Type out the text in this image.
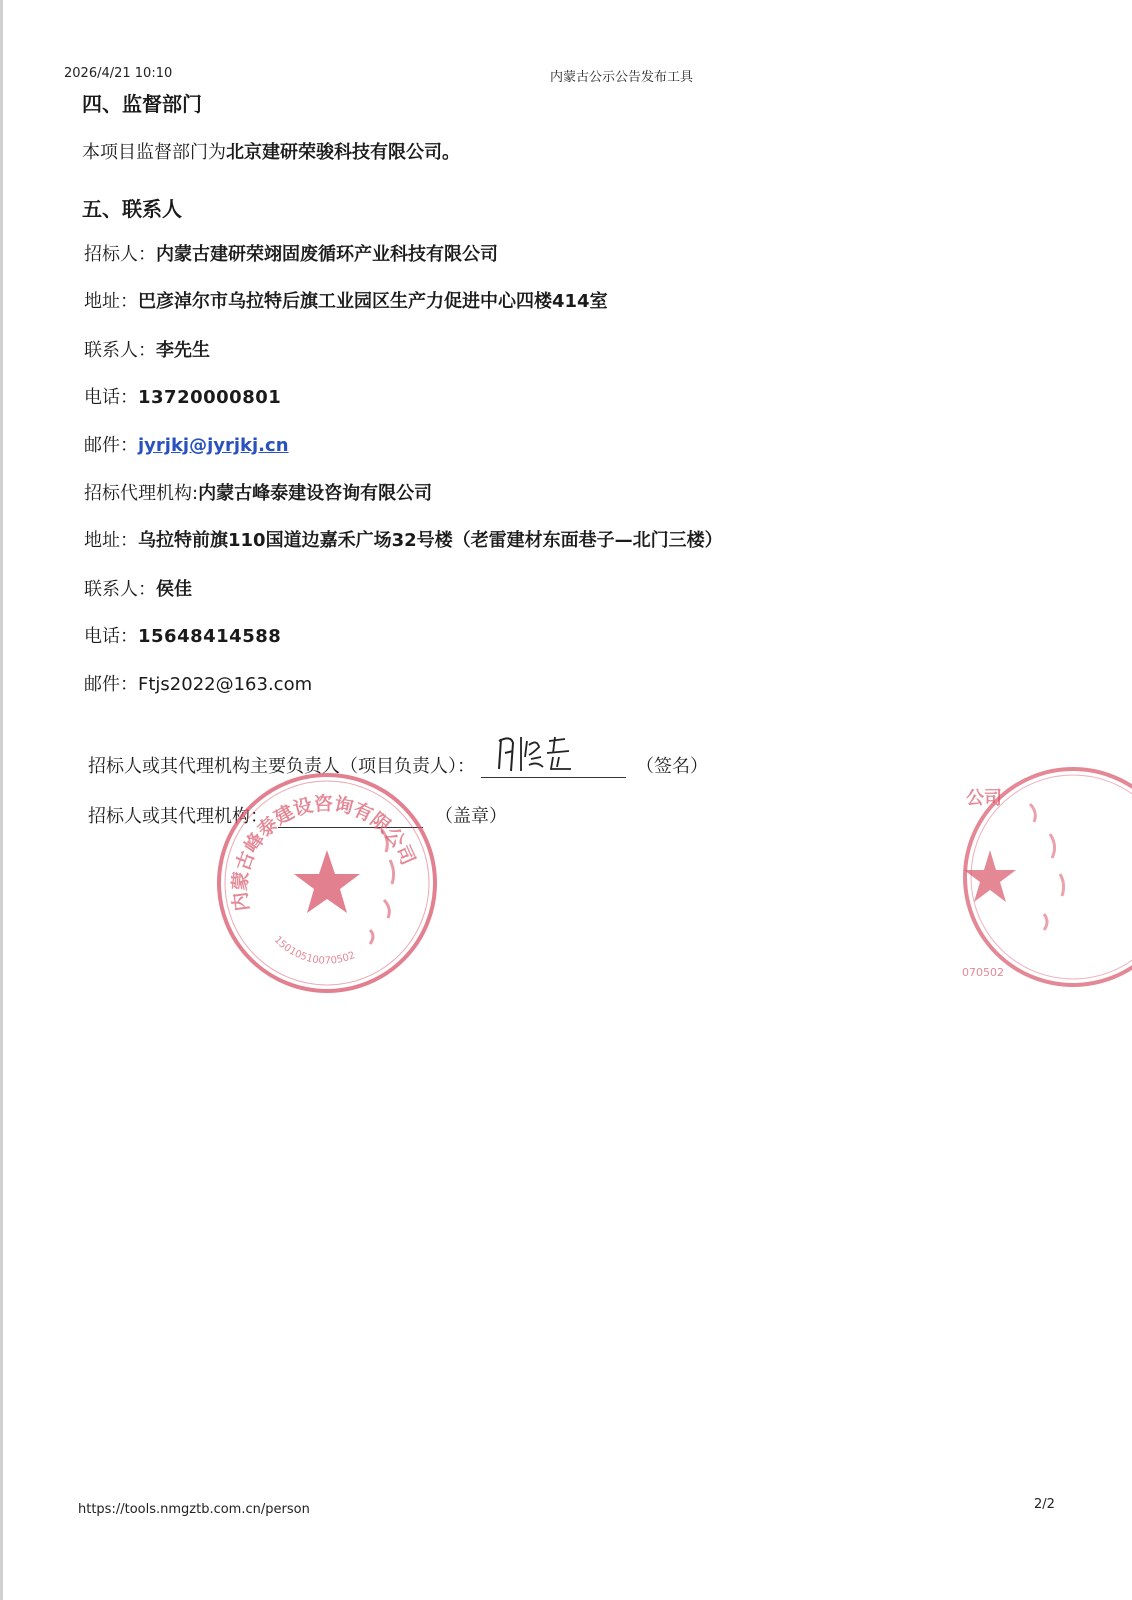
2026/4/21 10:10	内蒙古公示公告发布工具
四、监督部门
本项目监督部门为北京建研荣骏科技有限公司。
五、联系人
招标人：内蒙古建研荣翊固废循环产业科技有限公司
地址：巴彦淖尔市乌拉特后旗工业园区生产力促进中心四楼414室
联系人：李先生
电话：13720000801
邮件：jyrjkj@jyrjkj.cn
招标代理机构:内蒙古峰泰建设咨询有限公司
地址：乌拉特前旗110国道边嘉禾广场32号楼（老雷建材东面巷子—北门三楼）
联系人：侯佳
电话：15648414588
邮件：Ftjs2022@163.com
招标人或其代理机构主要负责人（项目负责人）：	（签名）
招标人或其代理机构：	（盖章）
内蒙古峰泰建设咨询有限公司
1501051007050​2
公司
070502
https://tools.nmgztb.com.cn/person	2/2
